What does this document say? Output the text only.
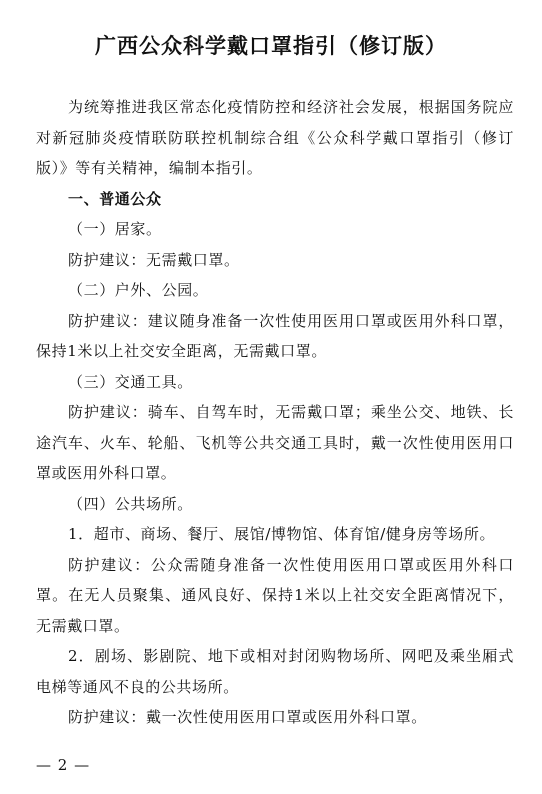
广西公众科学戴口罩指引（修订版）

为统筹推进我区常态化疫情防控和经济社会发展，根据国务院应对新冠肺炎疫情联防联控机制综合组《公众科学戴口罩指引（修订版）》等有关精神，编制本指引。

一、普通公众

（一）居家。

防护建议：无需戴口罩。

（二）户外、公园。

防护建议：建议随身准备一次性使用医用口罩或医用外科口罩，保持1米以上社交安全距离，无需戴口罩。

（三）交通工具。

防护建议：骑车、自驾车时，无需戴口罩；乘坐公交、地铁、长途汽车、火车、轮船、飞机等公共交通工具时，戴一次性使用医用口罩或医用外科口罩。

（四）公共场所。

1．超市、商场、餐厅、展馆/博物馆、体育馆/健身房等场所。

防护建议：公众需随身准备一次性使用医用口罩或医用外科口罩。在无人员聚集、通风良好、保持1米以上社交安全距离情况下，无需戴口罩。

2．剧场、影剧院、地下或相对封闭购物场所、网吧及乘坐厢式电梯等通风不良的公共场所。

防护建议：戴一次性使用医用口罩或医用外科口罩。

— 2 —
